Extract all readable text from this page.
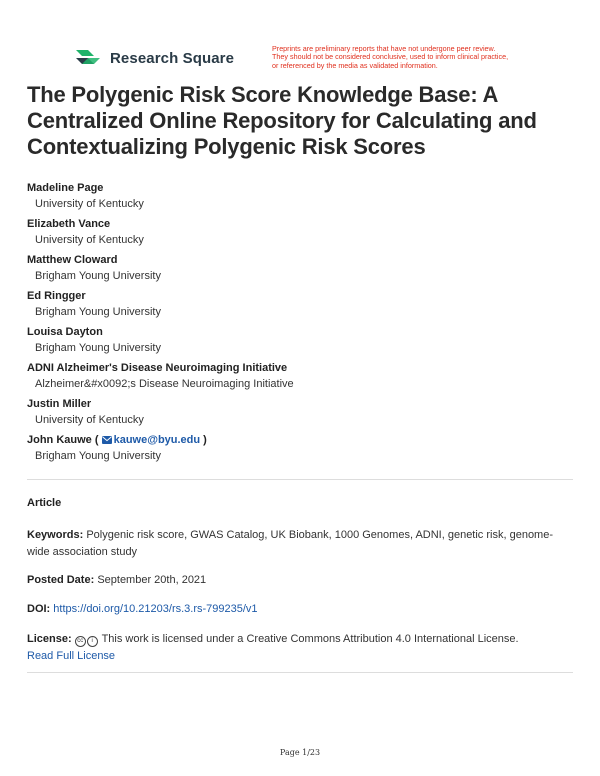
Research Square
Preprints are preliminary reports that have not undergone peer review.
They should not be considered conclusive, used to inform clinical practice,
or referenced by the media as validated information.
The Polygenic Risk Score Knowledge Base: A Centralized Online Repository for Calculating and Contextualizing Polygenic Risk Scores
Madeline Page
University of Kentucky
Elizabeth Vance
University of Kentucky
Matthew Cloward
Brigham Young University
Ed Ringger
Brigham Young University
Louisa Dayton
Brigham Young University
ADNI Alzheimer's Disease Neuroimaging Initiative
Alzheimer&#x0092;s Disease Neuroimaging Initiative
Justin Miller
University of Kentucky
John Kauwe ( kauwe@byu.edu )
Brigham Young University
Article
Keywords: Polygenic risk score, GWAS Catalog, UK Biobank, 1000 Genomes, ADNI, genetic risk, genome-wide association study
Posted Date: September 20th, 2021
DOI: https://doi.org/10.21203/rs.3.rs-799235/v1
License: cc i This work is licensed under a Creative Commons Attribution 4.0 International License.
Read Full License
Page 1/23
